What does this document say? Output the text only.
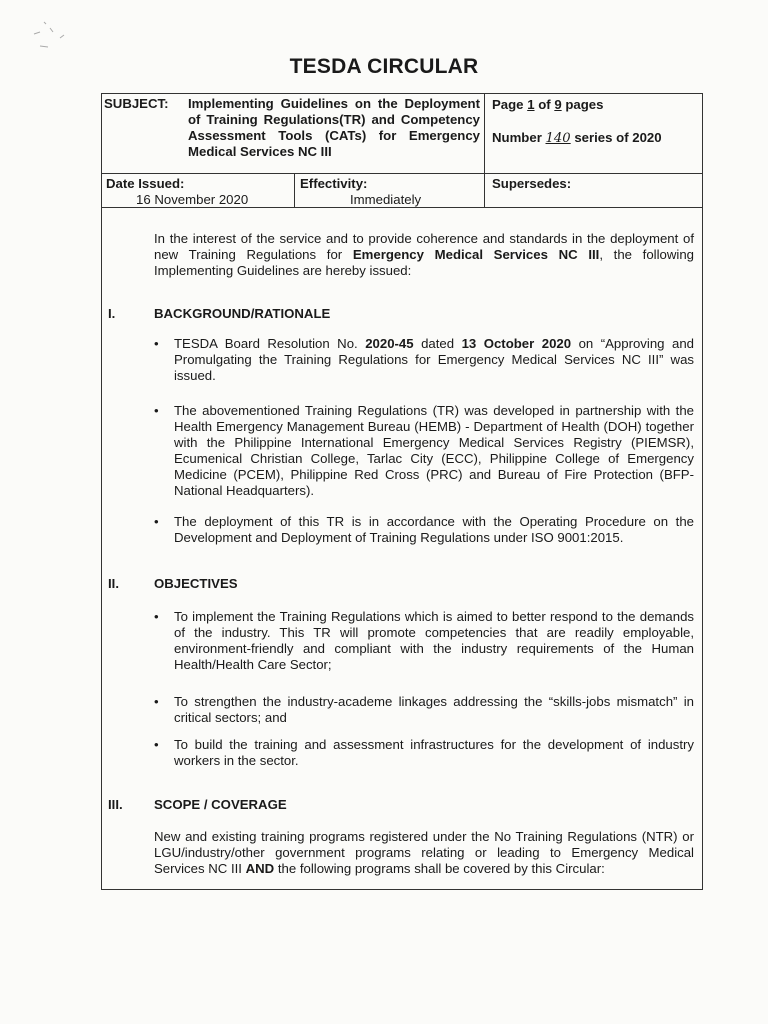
TESDA CIRCULAR
SUBJECT:	Implementing Guidelines on the Deployment of Training Regulations(TR) and Competency Assessment Tools (CATs) for Emergency Medical Services NC III
Page 1 of 9 pages
Number 140 series of 2020
Date Issued:
16 November 2020
Effectivity:
Immediately
Supersedes:
In the interest of the service and to provide coherence and standards in the deployment of new Training Regulations for Emergency Medical Services NC III, the following Implementing Guidelines are hereby issued:
I.	BACKGROUND/RATIONALE
•	TESDA Board Resolution No. 2020-45 dated 13 October 2020 on “Approving and Promulgating the Training Regulations for Emergency Medical Services NC III” was issued.
•	The abovementioned Training Regulations (TR) was developed in partnership with the Health Emergency Management Bureau (HEMB) - Department of Health (DOH) together with the Philippine International Emergency Medical Services Registry (PIEMSR), Ecumenical Christian College, Tarlac City (ECC), Philippine College of Emergency Medicine (PCEM), Philippine Red Cross (PRC) and Bureau of Fire Protection (BFP-National Headquarters).
•	The deployment of this TR is in accordance with the Operating Procedure on the Development and Deployment of Training Regulations under ISO 9001:2015.
II.	OBJECTIVES
•	To implement the Training Regulations which is aimed to better respond to the demands of the industry. This TR will promote competencies that are readily employable, environment-friendly and compliant with the industry requirements of the Human Health/Health Care Sector;
•	To strengthen the industry-academe linkages addressing the “skills-jobs mismatch” in critical sectors; and
•	To build the training and assessment infrastructures for the development of industry workers in the sector.
III. SCOPE / COVERAGE
New and existing training programs registered under the No Training Regulations (NTR) or LGU/industry/other government programs relating or leading to Emergency Medical Services NC III AND the following programs shall be covered by this Circular:
